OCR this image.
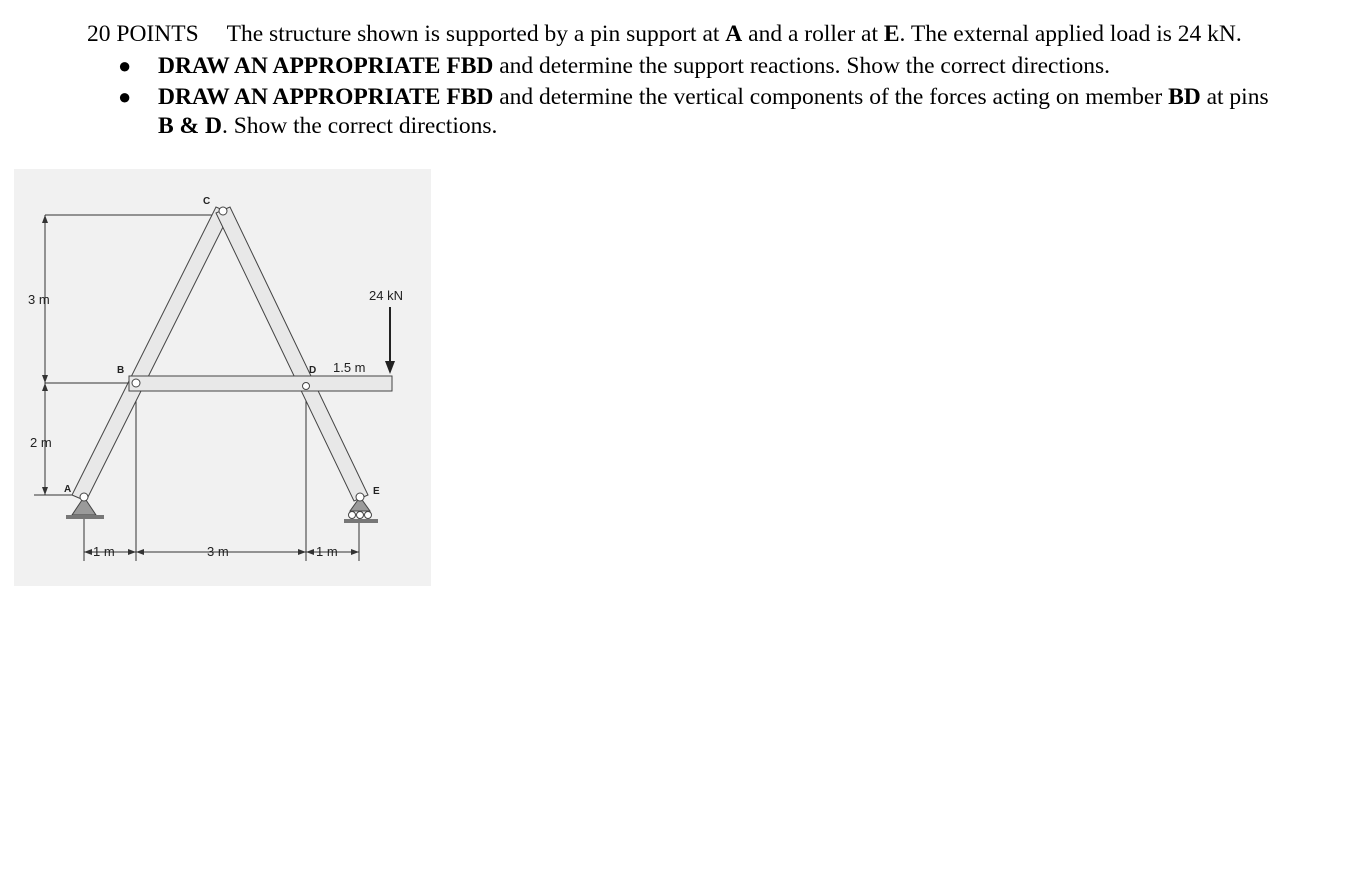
20 POINTS The structure shown is supported by a pin support at A and a roller at E. The external applied load is 24 kN.
● DRAW AN APPROPRIATE FBD and determine the support reactions. Show the correct directions.
● DRAW AN APPROPRIATE FBD and determine the vertical components of the forces acting on member BD at pins
B & D. Show the correct directions.
C
B	D
A	E
24 kN
1.5 m
3 m
2 m
1 m	3 m	1 m
